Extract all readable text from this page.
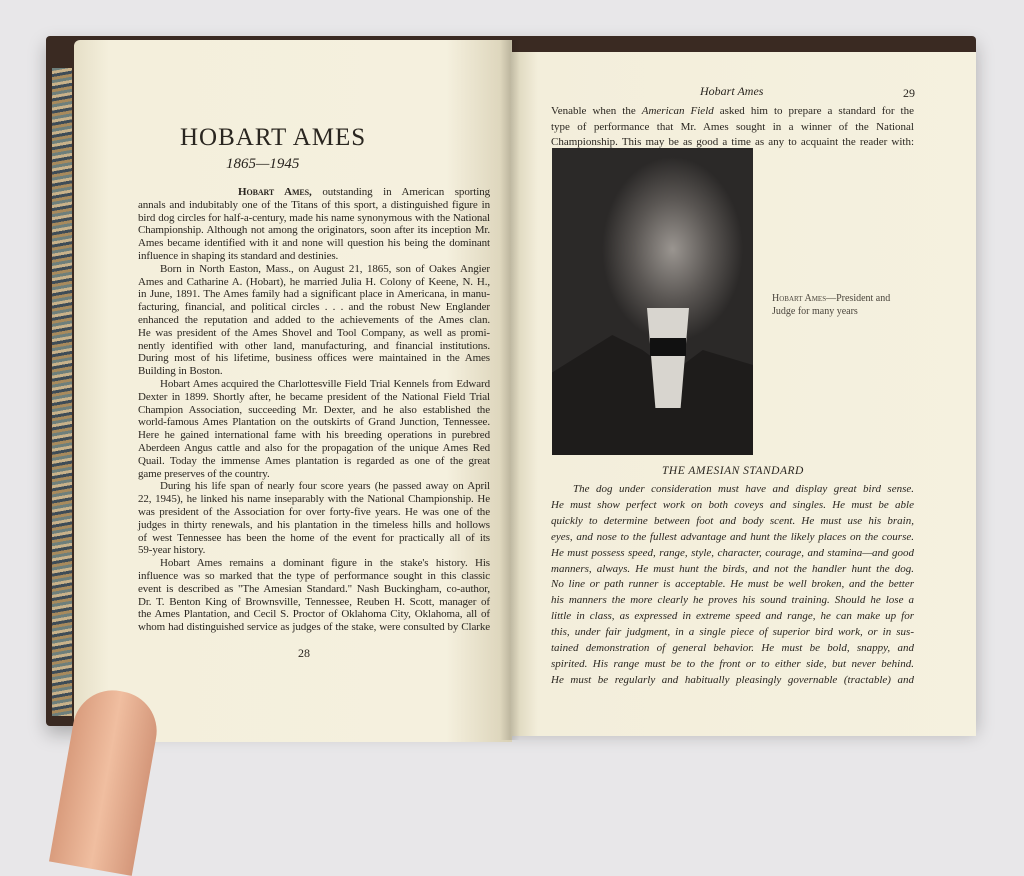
HOBART AMES
1865—1945
Hobart Ames, outstanding in American sporting
annals and indubitably one of the Titans of this sport, a distinguished figure in
bird dog circles for half-a-century, made his name synonymous with the National
Championship. Although not among the originators, soon after its inception Mr.
Ames became identified with it and none will question his being the dominant
influence in shaping its standard and destinies.
Born in North Easton, Mass., on August 21, 1865, son of Oakes Angier
Ames and Catharine A. (Hobart), he married Julia H. Colony of Keene, N. H.,
in June, 1891. The Ames family had a significant place in Americana, in manu-
facturing, financial, and political circles . . . and the robust New Englander
enhanced the reputation and added to the achievements of the Ames clan.
He was president of the Ames Shovel and Tool Company, as well as promi-
nently identified with other land, manufacturing, and financial institutions.
During most of his lifetime, business offices were maintained in the Ames
Building in Boston.
Hobart Ames acquired the Charlottesville Field Trial Kennels from Edward
Dexter in 1899. Shortly after, he became president of the National Field Trial
Champion Association, succeeding Mr. Dexter, and he also established the
world-famous Ames Plantation on the outskirts of Grand Junction, Tennessee.
Here he gained international fame with his breeding operations in purebred
Aberdeen Angus cattle and also for the propagation of the unique Ames Red
Quail. Today the immense Ames plantation is regarded as one of the great
game preserves of the country.
During his life span of nearly four score years (he passed away on April
22, 1945), he linked his name inseparably with the National Championship. He
was president of the Association for over forty-five years. He was one of the
judges in thirty renewals, and his plantation in the timeless hills and hollows
of west Tennessee has been the home of the event for practically all of its
59-year history.
Hobart Ames remains a dominant figure in the stake's history. His
influence was so marked that the type of performance sought in this classic
event is described as "The Amesian Standard." Nash Buckingham, co-author,
Dr. T. Benton King of Brownsville, Tennessee, Reuben H. Scott, manager of
the Ames Plantation, and Cecil S. Proctor of Oklahoma City, Oklahoma, all of
whom had distinguished service as judges of the stake, were consulted by Clarke
28
Hobart Ames	29
Venable when the American Field asked him to prepare a standard for the
type of performance that Mr. Ames sought in a winner of the National
Championship. This may be as good a time as any to acquaint the reader with:
Hobart Ames—President and Judge for many years
THE AMESIAN STANDARD
The dog under consideration must have and display great bird sense.
He must show perfect work on both coveys and singles. He must be able
quickly to determine between foot and body scent. He must use his brain,
eyes, and nose to the fullest advantage and hunt the likely places on the course.
He must possess speed, range, style, character, courage, and stamina—and good
manners, always. He must hunt the birds, and not the handler hunt the dog.
No line or path runner is acceptable. He must be well broken, and the better
his manners the more clearly he proves his sound training. Should he lose a
little in class, as expressed in extreme speed and range, he can make up for
this, under fair judgment, in a single piece of superior bird work, or in sus-
tained demonstration of general behavior. He must be bold, snappy, and
spirited. His range must be to the front or to either side, but never behind.
He must be regularly and habitually pleasingly governable (tractable) and
